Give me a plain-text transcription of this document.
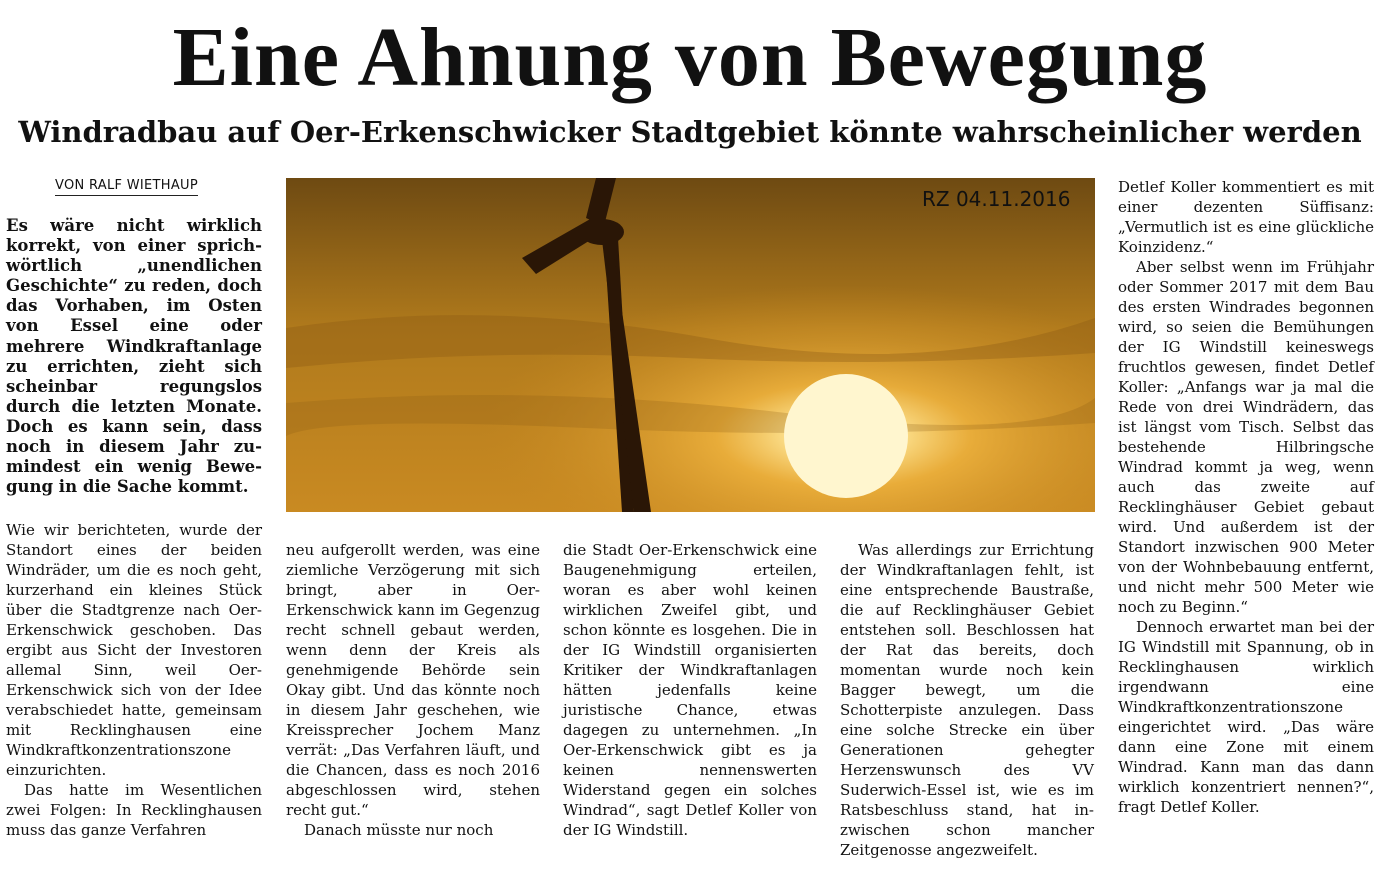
Eine Ahnung von Bewegung
Windradbau auf Oer-Erkenschwicker Stadtgebiet könnte wahrscheinlicher werden
VON RALF WIETHAUP

Es wäre nicht wirklich korrekt, von einer sprichwörtlich „unendlichen Geschichte“ zu reden, doch das Vorhaben, im Osten von Essel eine oder mehrere Windkraftanlage zu errichten, zieht sich scheinbar regungslos durch die letzten Monate. Doch es kann sein, dass noch in diesem Jahr zumindest ein wenig Bewegung in die Sache kommt.

RZ 04.11.2016

Wie wir berichteten, wurde der Standort eines der beiden Windräder, um die es noch geht, kurzerhand ein kleines Stück über die Stadtgrenze nach Oer-Erkenschwick geschoben. Das ergibt aus Sicht der Investoren allemal Sinn, weil Oer-Erkenschwick sich von der Idee verabschiedet hatte, gemeinsam mit Recklinghausen eine Windkraftkonzentrationszone einzurichten.

Das hatte im Wesentlichen zwei Folgen: In Recklinghausen muss das ganze Verfahren

neu aufgerollt werden, was eine ziemliche Verzögerung mit sich bringt, aber in Oer-Erkenschwick kann im Gegenzug recht schnell gebaut werden, wenn denn der Kreis als genehmigende Behörde sein Okay gibt. Und das könnte noch in diesem Jahr geschehen, wie Kreissprecher Jochem Manz verrät: „Das Verfahren läuft, und die Chancen, dass es noch 2016 abgeschlossen wird, stehen recht gut.“

Danach müsste nur noch

die Stadt Oer-Erkenschwick eine Baugenehmigung erteilen, woran es aber wohl keinen wirklichen Zweifel gibt, und schon könnte es losgehen. Die in der IG Windstill organisierten Kritiker der Windkraftanlagen hätten jedenfalls keine juristische Chance, etwas dagegen zu unternehmen. „In Oer-Erkenschwick gibt es ja keinen nennenswerten Widerstand gegen ein solches Windrad“, sagt Detlef Koller von der IG Windstill.

Was allerdings zur Errichtung der Windkraftanlagen fehlt, ist eine entsprechende Baustraße, die auf Recklinghäuser Gebiet entstehen soll. Beschlossen hat der Rat das bereits, doch momentan wurde noch kein Bagger bewegt, um die Schotterpiste anzulegen. Dass eine solche Strecke ein über Generationen gehegter Herzenswunsch des VV Suderwich-Essel ist, wie es im Ratsbeschluss stand, hat inzwischen schon mancher Zeitgenosse angezweifelt.

Detlef Koller kommentiert es mit einer dezenten Süffisanz: „Vermutlich ist es eine glückliche Koinzidenz.“

Aber selbst wenn im Frühjahr oder Sommer 2017 mit dem Bau des ersten Windrades begonnen wird, so seien die Bemühungen der IG Windstill keineswegs fruchtlos gewesen, findet Detlef Koller: „Anfangs war ja mal die Rede von drei Windrädern, das ist längst vom Tisch. Selbst das bestehende Hilbringsche Windrad kommt ja weg, wenn auch das zweite auf Recklinghäuser Gebiet gebaut wird. Und außerdem ist der Standort inzwischen 900 Meter von der Wohnbebauung entfernt, und nicht mehr 500 Meter wie noch zu Beginn.“

Dennoch erwartet man bei der IG Windstill mit Spannung, ob in Recklinghausen wirklich irgendwann eine Windkraftkonzentrationszone eingerichtet wird. „Das wäre dann eine Zone mit einem Windrad. Kann man das dann wirklich konzentriert nennen?“, fragt Detlef Koller.
